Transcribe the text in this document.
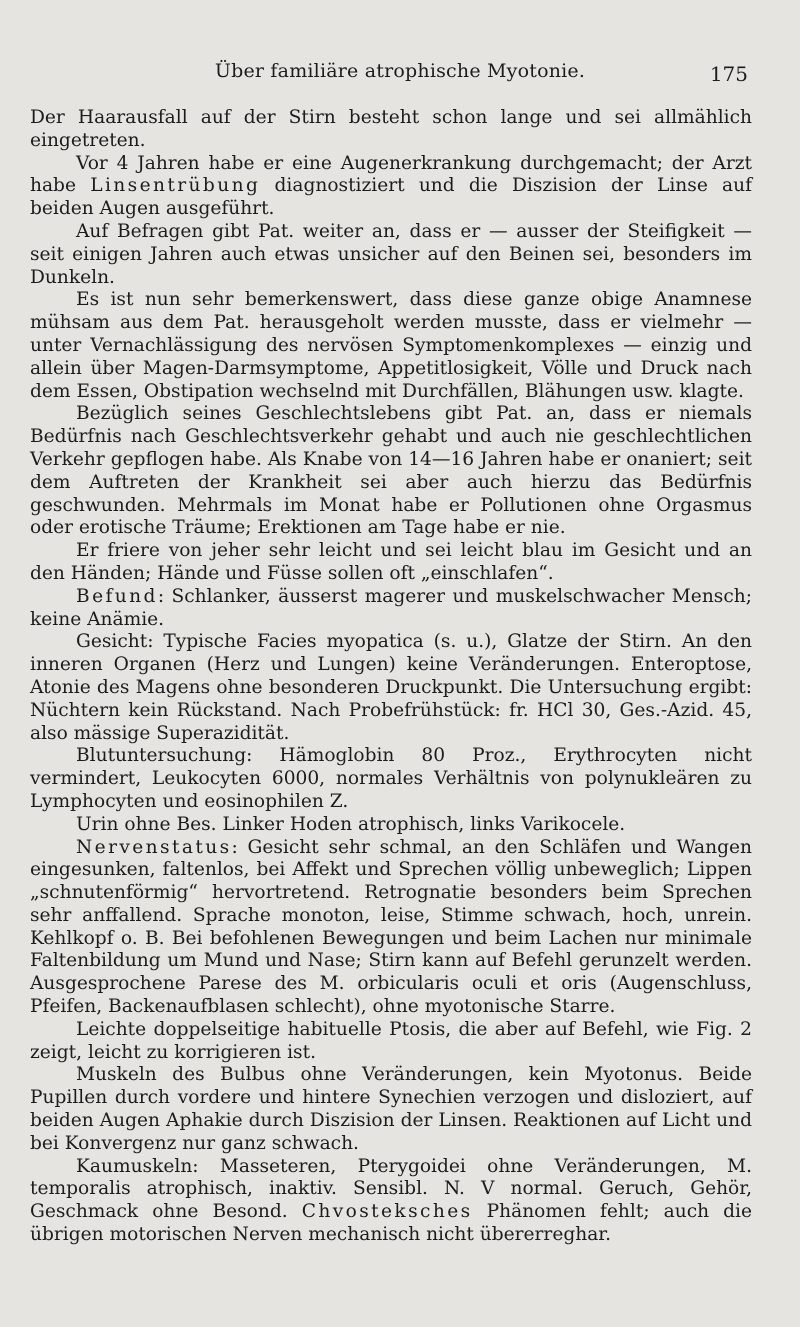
Über familiäre atrophische Myotonie.	175

Der Haarausfall auf der Stirn besteht schon lange und sei allmählich eingetreten.

Vor 4 Jahren habe er eine Augenerkrankung durchgemacht; der Arzt habe Linsentrübung diagnostiziert und die Diszision der Linse auf beiden Augen ausgeführt.

Auf Befragen gibt Pat. weiter an, dass er — ausser der Steifigkeit — seit einigen Jahren auch etwas unsicher auf den Beinen sei, besonders im Dunkeln.

Es ist nun sehr bemerkenswert, dass diese ganze obige Anamnese mühsam aus dem Pat. herausgeholt werden musste, dass er vielmehr — unter Vernachlässigung des nervösen Symptomenkomplexes — einzig und allein über Magen-Darmsymptome, Appetitlosigkeit, Völle und Druck nach dem Essen, Obstipation wechselnd mit Durchfällen, Blähungen usw. klagte.

Bezüglich seines Geschlechtslebens gibt Pat. an, dass er niemals Bedürfnis nach Geschlechtsverkehr gehabt und auch nie geschlechtlichen Verkehr gepflogen habe. Als Knabe von 14—16 Jahren habe er onaniert; seit dem Auftreten der Krankheit sei aber auch hierzu das Bedürfnis geschwunden. Mehrmals im Monat habe er Pollutionen ohne Orgasmus oder erotische Träume; Erektionen am Tage habe er nie.

Er friere von jeher sehr leicht und sei leicht blau im Gesicht und an den Händen; Hände und Füsse sollen oft „einschlafen“.

Befund: Schlanker, äusserst magerer und muskelschwacher Mensch; keine Anämie.

Gesicht: Typische Facies myopatica (s. u.), Glatze der Stirn. An den inneren Organen (Herz und Lungen) keine Veränderungen. Enteroptose, Atonie des Magens ohne besonderen Druckpunkt. Die Untersuchung ergibt: Nüchtern kein Rückstand. Nach Probefrühstück: fr. HCl 30, Ges.-Azid. 45, also mässige Superazidität.

Blutuntersuchung: Hämoglobin 80 Proz., Erythrocyten nicht vermindert, Leukocyten 6000, normales Verhältnis von polynukleären zu Lymphocyten und eosinophilen Z.

Urin ohne Bes. Linker Hoden atrophisch, links Varikocele.

Nervenstatus: Gesicht sehr schmal, an den Schläfen und Wangen eingesunken, faltenlos, bei Affekt und Sprechen völlig unbeweglich; Lippen „schnutenförmig“ hervortretend. Retrognatie besonders beim Sprechen sehr anffallend. Sprache monoton, leise, Stimme schwach, hoch, unrein. Kehlkopf o. B. Bei befohlenen Bewegungen und beim Lachen nur minimale Faltenbildung um Mund und Nase; Stirn kann auf Befehl gerunzelt werden. Ausgesprochene Parese des M. orbicularis oculi et oris (Augenschluss, Pfeifen, Backenaufblasen schlecht), ohne myotonische Starre.

Leichte doppelseitige habituelle Ptosis, die aber auf Befehl, wie Fig. 2 zeigt, leicht zu korrigieren ist.

Muskeln des Bulbus ohne Veränderungen, kein Myotonus. Beide Pupillen durch vordere und hintere Synechien verzogen und disloziert, auf beiden Augen Aphakie durch Diszision der Linsen. Reaktionen auf Licht und bei Konvergenz nur ganz schwach.

Kaumuskeln: Masseteren, Pterygoidei ohne Veränderungen, M. temporalis atrophisch, inaktiv. Sensibl. N. V normal. Geruch, Gehör, Geschmack ohne Besond. Chvosteksches Phänomen fehlt; auch die übrigen motorischen Nerven mechanisch nicht übererreghar.
